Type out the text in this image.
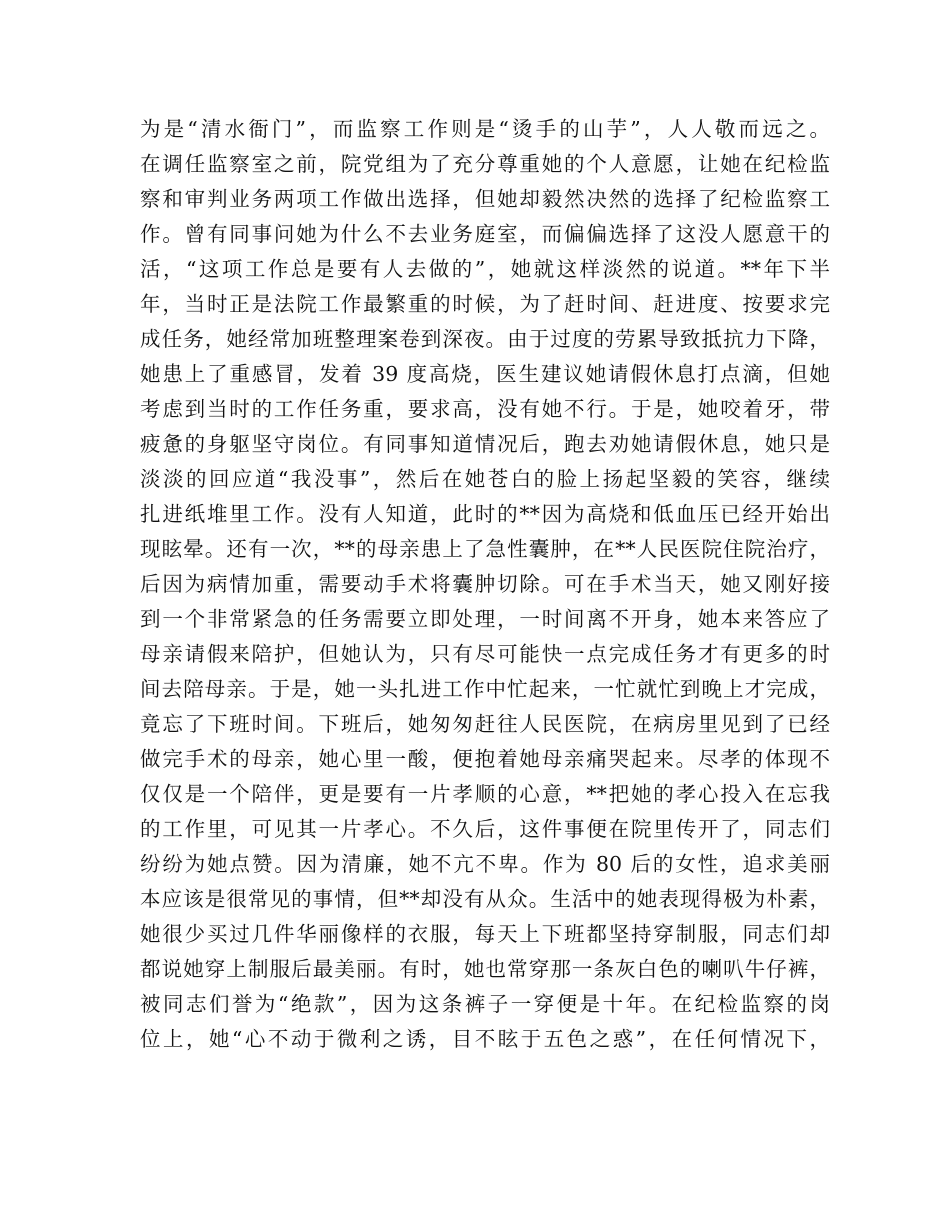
为是“清水衙门”，而监察工作则是“烫手的山芋”，人人敬而远之。
在调任监察室之前，院党组为了充分尊重她的个人意愿，让她在纪检监
察和审判业务两项工作做出选择，但她却毅然决然的选择了纪检监察工
作。曾有同事问她为什么不去业务庭室，而偏偏选择了这没人愿意干的
活，“这项工作总是要有人去做的”，她就这样淡然的说道。**年下半
年，当时正是法院工作最繁重的时候，为了赶时间、赶进度、按要求完
成任务，她经常加班整理案卷到深夜。由于过度的劳累导致抵抗力下降，
她患上了重感冒，发着 39 度高烧，医生建议她请假休息打点滴，但她
考虑到当时的工作任务重，要求高，没有她不行。于是，她咬着牙，带
疲惫的身躯坚守岗位。有同事知道情况后，跑去劝她请假休息，她只是
淡淡的回应道“我没事”，然后在她苍白的脸上扬起坚毅的笑容，继续
扎进纸堆里工作。没有人知道，此时的**因为高烧和低血压已经开始出
现眩晕。还有一次，**的母亲患上了急性囊肿，在**人民医院住院治疗，
后因为病情加重，需要动手术将囊肿切除。可在手术当天，她又刚好接
到一个非常紧急的任务需要立即处理，一时间离不开身，她本来答应了
母亲请假来陪护，但她认为，只有尽可能快一点完成任务才有更多的时
间去陪母亲。于是，她一头扎进工作中忙起来，一忙就忙到晚上才完成，
竟忘了下班时间。下班后，她匆匆赶往人民医院，在病房里见到了已经
做完手术的母亲，她心里一酸，便抱着她母亲痛哭起来。尽孝的体现不
仅仅是一个陪伴，更是要有一片孝顺的心意，**把她的孝心投入在忘我
的工作里，可见其一片孝心。不久后，这件事便在院里传开了，同志们
纷纷为她点赞。因为清廉，她不亢不卑。作为 80 后的女性，追求美丽
本应该是很常见的事情，但**却没有从众。生活中的她表现得极为朴素，
她很少买过几件华丽像样的衣服，每天上下班都坚持穿制服，同志们却
都说她穿上制服后最美丽。有时，她也常穿那一条灰白色的喇叭牛仔裤，
被同志们誉为“绝款”，因为这条裤子一穿便是十年。在纪检监察的岗
位上，她“心不动于微利之诱，目不眩于五色之惑”，在任何情况下，
